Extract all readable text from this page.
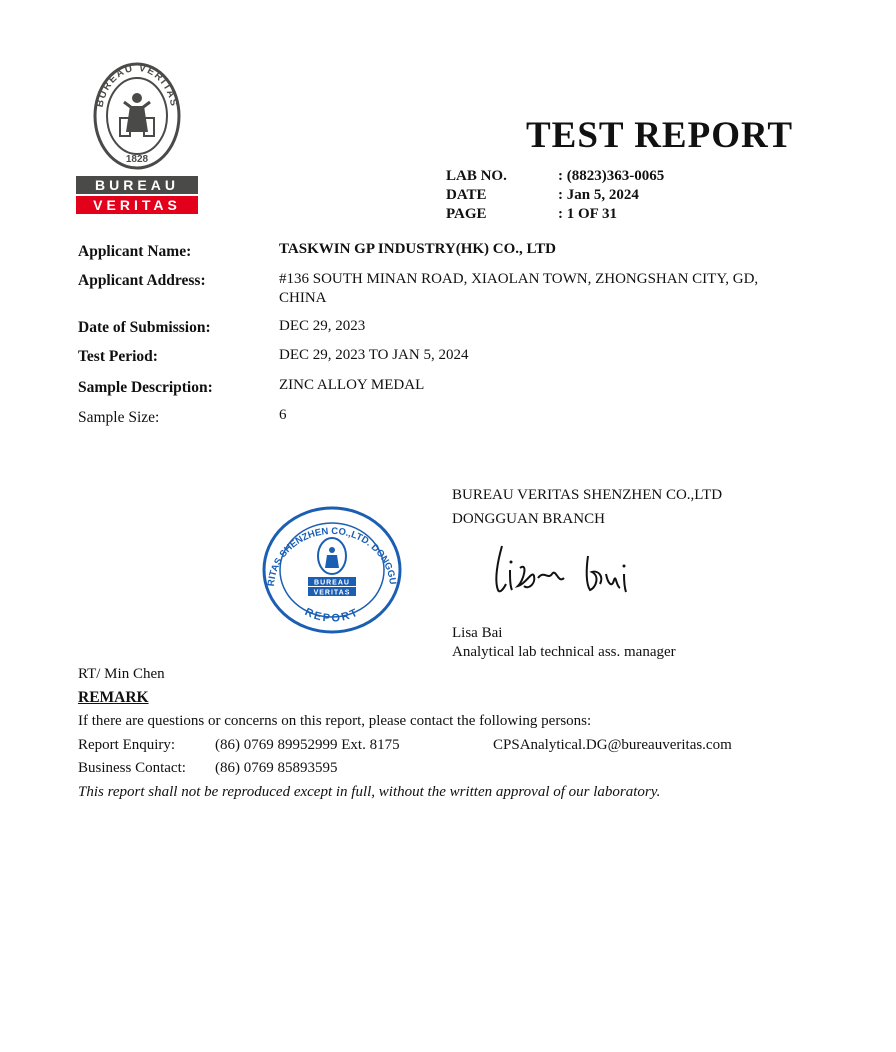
BUREAU VERITAS
1828
BUREAU
VERITAS
TEST REPORT
LAB NO.	: (8823)363-0065
DATE	: Jan 5, 2024
PAGE	: 1 OF 31
Applicant Name:	TASKWIN GP INDUSTRY(HK) CO., LTD
Applicant Address:	#136 SOUTH MINAN ROAD, XIAOLAN TOWN, ZHONGSHAN CITY, GD,
CHINA
Date of Submission:	DEC 29, 2023
Test Period:	DEC 29, 2023 TO JAN 5, 2024
Sample Description:	ZINC ALLOY MEDAL
Sample Size:	6
RITAS SHENZHEN CO.,LTD. DONGGU
REPORT
BUREAU
VERITAS
BUREAU VERITAS SHENZHEN CO.,LTD
DONGGUAN BRANCH
Lisa Bai
Analytical lab technical ass. manager
RT/ Min Chen
REMARK
If there are questions or concerns on this report, please contact the following persons:
Report Enquiry:	(86) 0769 89952999 Ext. 8175	CPSAnalytical.DG@bureauveritas.com
Business Contact: (86) 0769 85893595
This report shall not be reproduced except in full, without the written approval of our laboratory.
